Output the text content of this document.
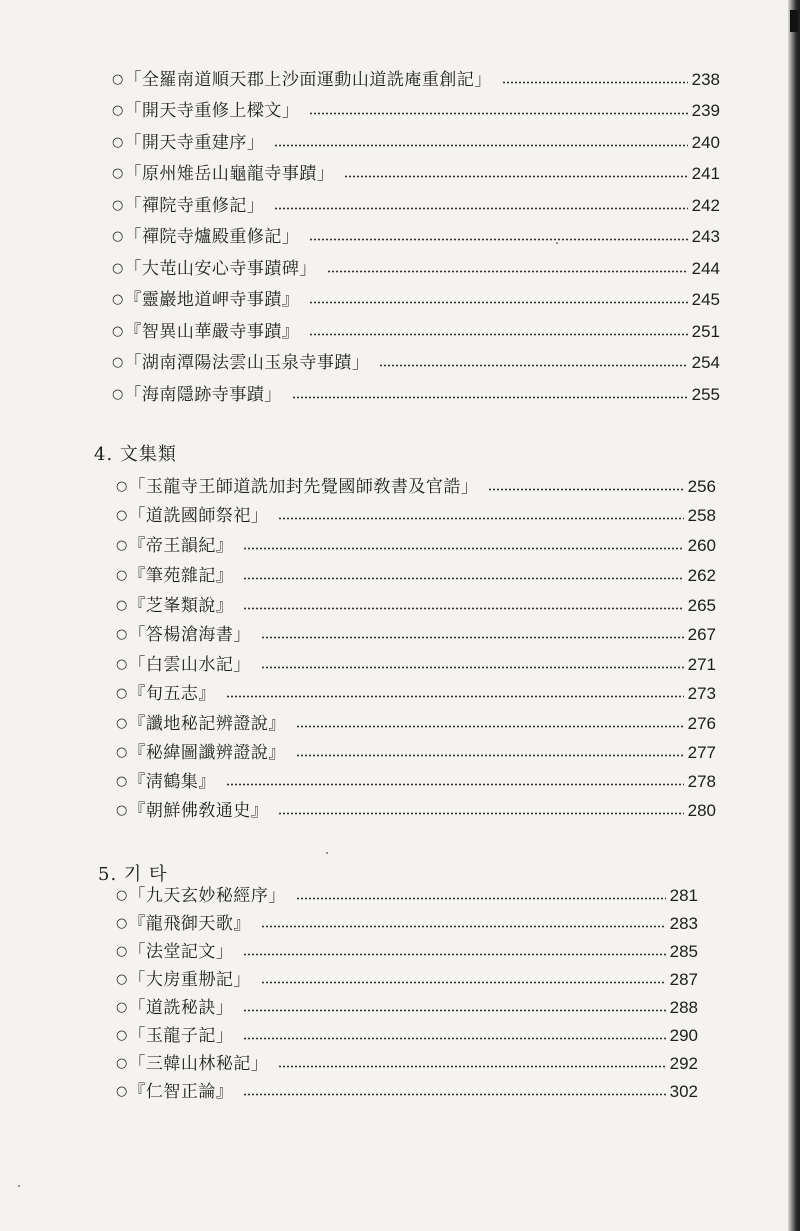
○ 「全羅南道順天郡上沙面運動山道詵庵重創記」	238
○ 「開天寺重修上樑文」	239
○ 「開天寺重建序」	240
○ 「原州雉岳山龜龍寺事蹟」	241
○ 「禪院寺重修記」	242
○ 「禪院寺爐殿重修記」	243
○ 「大芚山安心寺事蹟碑」	244
○ 『靈巖地道岬寺事蹟』	245
○ 『智異山華嚴寺事蹟』	251
○ 「湖南潭陽法雲山玉泉寺事蹟」	254
○ 「海南隱跡寺事蹟」	255
4. 文集類
○ 「玉龍寺王師道詵加封先覺國師敎書及官誥」	256
○ 「道詵國師祭祀」	258
○ 『帝王韻紀』	260
○ 『筆苑雜記』	262
○ 『芝峯類說』	265
○ 「答楊滄海書」	267
○ 「白雲山水記」	271
○ 『旬五志』	273
○ 『讖地秘記辨證說』	276
○ 『秘緯圖讖辨證說』	277
○ 『淸鶴集』	278
○ 『朝鮮佛敎通史』	280
5. 기 타
○ 「九天玄妙秘經序」	281
○ 『龍飛御天歌』	283
○ 「法堂記文」	285
○ 「大房重刱記」	287
○ 「道詵秘訣」	288
○ 「玉龍子記」	290
○ 「三韓山林秘記」	292
○ 『仁智正論』	302
